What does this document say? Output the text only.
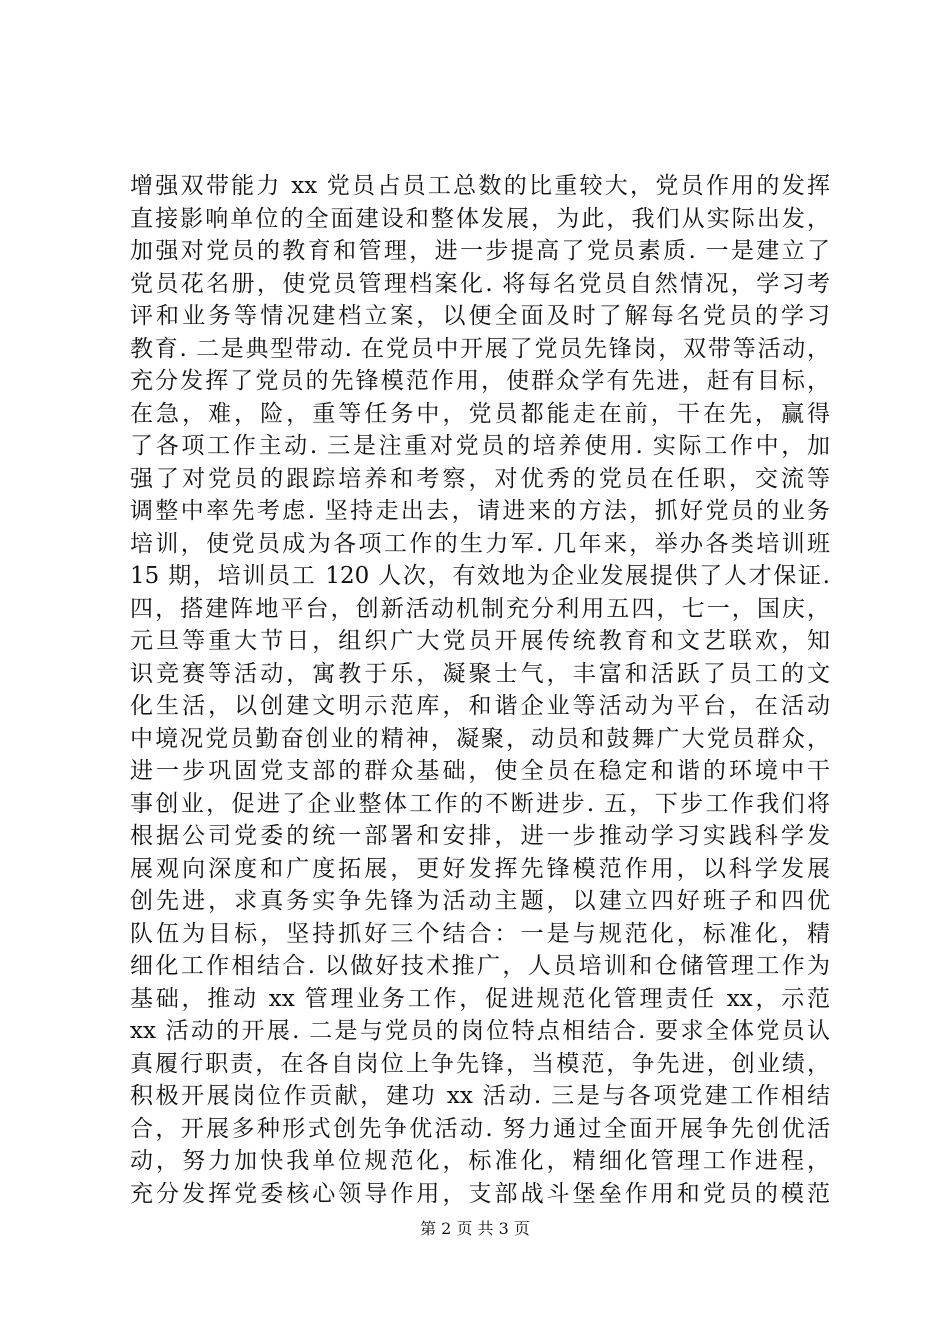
增强双带能力 xx 党员占员工总数的比重较大，党员作用的发挥
直接影响单位的全面建设和整体发展，为此，我们从实际出发，
加强对党员的教育和管理，进一步提高了党员素质. 一是建立了
党员花名册，使党员管理档案化. 将每名党员自然情况，学习考
评和业务等情况建档立案，以便全面及时了解每名党员的学习
教育. 二是典型带动. 在党员中开展了党员先锋岗，双带等活动，
充分发挥了党员的先锋模范作用，使群众学有先进，赶有目标，
在急，难，险，重等任务中，党员都能走在前，干在先，赢得
了各项工作主动. 三是注重对党员的培养使用. 实际工作中，加
强了对党员的跟踪培养和考察，对优秀的党员在任职，交流等
调整中率先考虑. 坚持走出去，请进来的方法，抓好党员的业务
培训，使党员成为各项工作的生力军. 几年来，举办各类培训班
15 期，培训员工 120 人次，有效地为企业发展提供了人才保证.
四，搭建阵地平台，创新活动机制充分利用五四，七一，国庆，
元旦等重大节日，组织广大党员开展传统教育和文艺联欢，知
识竞赛等活动，寓教于乐，凝聚士气，丰富和活跃了员工的文
化生活，以创建文明示范库，和谐企业等活动为平台，在活动
中境况党员勤奋创业的精神，凝聚，动员和鼓舞广大党员群众，
进一步巩固党支部的群众基础，使全员在稳定和谐的环境中干
事创业，促进了企业整体工作的不断进步. 五，下步工作我们将
根据公司党委的统一部署和安排，进一步推动学习实践科学发
展观向深度和广度拓展，更好发挥先锋模范作用，以科学发展
创先进，求真务实争先锋为活动主题，以建立四好班子和四优
队伍为目标，坚持抓好三个结合：一是与规范化，标准化，精
细化工作相结合. 以做好技术推广，人员培训和仓储管理工作为
基础，推动 xx 管理业务工作，促进规范化管理责任 xx，示范
xx 活动的开展. 二是与党员的岗位特点相结合. 要求全体党员认
真履行职责，在各自岗位上争先锋，当模范，争先进，创业绩，
积极开展岗位作贡献，建功 xx 活动. 三是与各项党建工作相结
合，开展多种形式创先争优活动. 努力通过全面开展争先创优活
动，努力加快我单位规范化，标准化，精细化管理工作进程，
充分发挥党委核心领导作用，支部战斗堡垒作用和党员的模范
第 2 页 共 3 页
